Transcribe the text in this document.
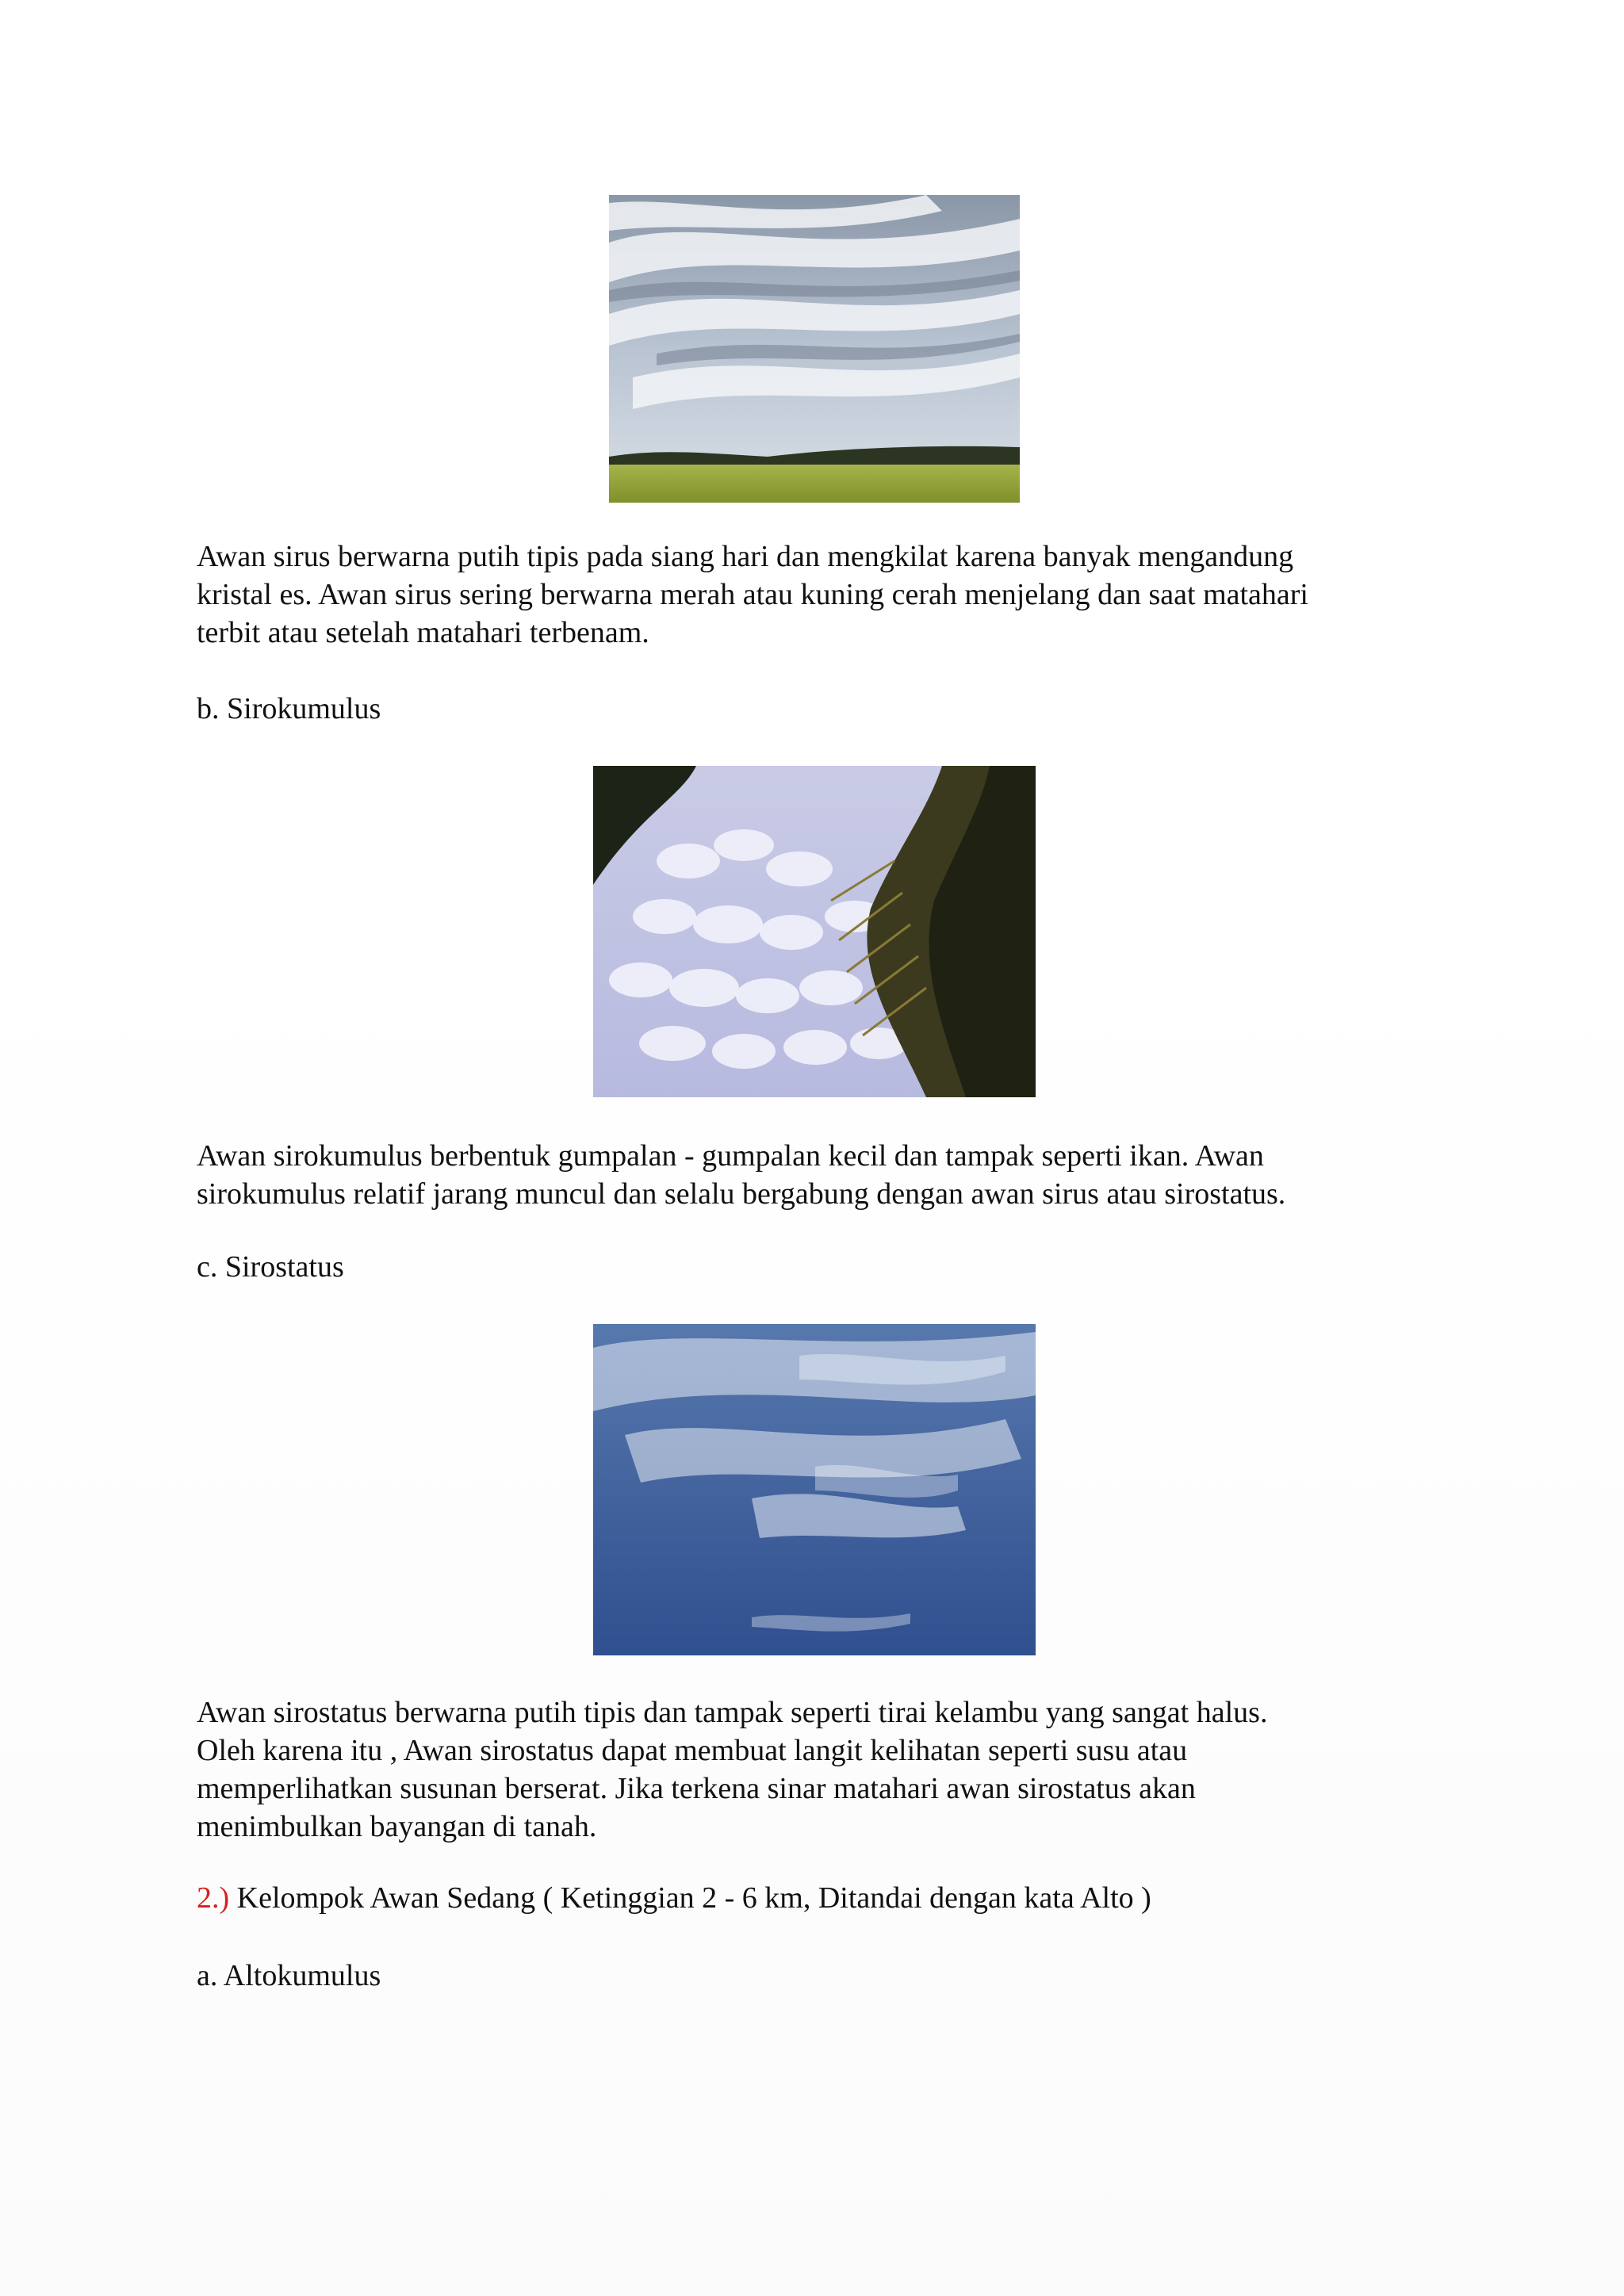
Awan sirus berwarna putih tipis pada siang hari dan mengkilat karena banyak mengandung
kristal es. Awan sirus sering berwarna merah atau kuning cerah menjelang dan saat matahari
terbit atau setelah matahari terbenam.

b. Sirokumulus

Awan sirokumulus berbentuk gumpalan - gumpalan kecil dan tampak seperti ikan. Awan
sirokumulus relatif jarang muncul dan selalu bergabung dengan awan sirus atau sirostatus.

c. Sirostatus

Awan sirostatus berwarna putih tipis dan tampak seperti tirai kelambu yang sangat halus.
Oleh karena itu , Awan sirostatus dapat membuat langit kelihatan seperti susu atau
memperlihatkan susunan berserat. Jika terkena sinar matahari awan sirostatus akan
menimbulkan bayangan di tanah.

2.) Kelompok Awan Sedang ( Ketinggian 2 - 6 km, Ditandai dengan kata Alto )

a. Altokumulus
